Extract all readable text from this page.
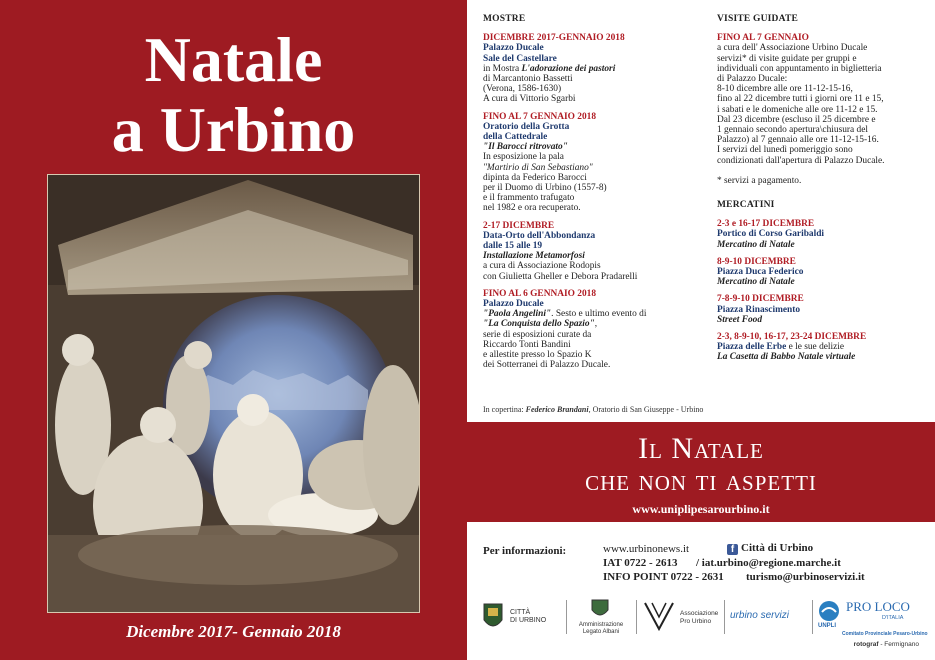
Natale
a Urbino
Dicembre 2017- Gennaio 2018
MOSTRE
DICEMBRE 2017-GENNAIO 2018
Palazzo Ducale
Sale del Castellare
in Mostra L'adorazione dei pastori
di Marcantonio Bassetti
(Verona, 1586-1630)
A cura di Vittorio Sgarbi
FINO AL 7 GENNAIO 2018
Oratorio della Grotta
della Cattedrale
"Il Barocci ritrovato"
In esposizione la pala
"Martirio di San Sebastiano"
dipinta da Federico Barocci
per il Duomo di Urbino (1557-8)
e il frammento trafugato
nel 1982 e ora recuperato.
2-17 DICEMBRE
Data-Orto dell'Abbondanza
dalle 15 alle 19
Installazione Metamorfosi
a cura di Associazione Rodopis
con Giulietta Gheller e Debora Pradarelli
FINO AL 6 GENNAIO 2018
Palazzo Ducale
"Paola Angelini". Sesto e ultimo evento di
"La Conquista dello Spazio",
serie di esposizioni curate da
Riccardo Tonti Bandini
e allestite presso lo Spazio K
dei Sotterranei di Palazzo Ducale.
VISITE GUIDATE
FINO AL 7 GENNAIO
a cura dell' Associazione Urbino Ducale
servizi* di visite guidate per gruppi e
individuali con appuntamento in biglietteria
di Palazzo Ducale:
8-10 dicembre alle ore 11-12-15-16,
fino al 22 dicembre tutti i giorni ore 11 e 15,
i sabati e le domeniche alle ore 11-12 e 15.
Dal 23 dicembre (escluso il 25 dicembre e
1 gennaio secondo apertura\chiusura del
Palazzo) al 7 gennaio alle ore 11-12-15-16.
I servizi del lunedì pomeriggio sono
condizionati dall'apertura di Palazzo Ducale.
* servizi a pagamento.
MERCATINI
2-3 e 16-17 DICEMBRE
Portico di Corso Garibaldi
Mercatino di Natale
8-9-10 DICEMBRE
Piazza Duca Federico
Mercatino di Natale
7-8-9-10 DICEMBRE
Piazza Rinascimento
Street Food
2-3, 8-9-10, 16-17, 23-24 DICEMBRE
Piazza delle Erbe e le sue delizie
La Casetta di Babbo Natale virtuale
In copertina: Federico Brandani, Oratorio di San Giuseppe - Urbino
Il Natale
che non ti aspetti
www.uniplipesarourbino.it
Per informazioni:	www.urbinonews.it	f Città di Urbino
IAT 0722 - 2613 / iat.urbino@regione.marche.it
INFO POINT 0722 - 2631 turismo@urbinoservizi.it
CITTÀ
DI URBINO
Amministrazione
Legato Albani
Associazione
Pro Urbino
urbino servizi
UNPLI
PRO LOCO
D'ITALIA
Comitato Provinciale Pesaro-Urbino
rotograf - Fermignano
